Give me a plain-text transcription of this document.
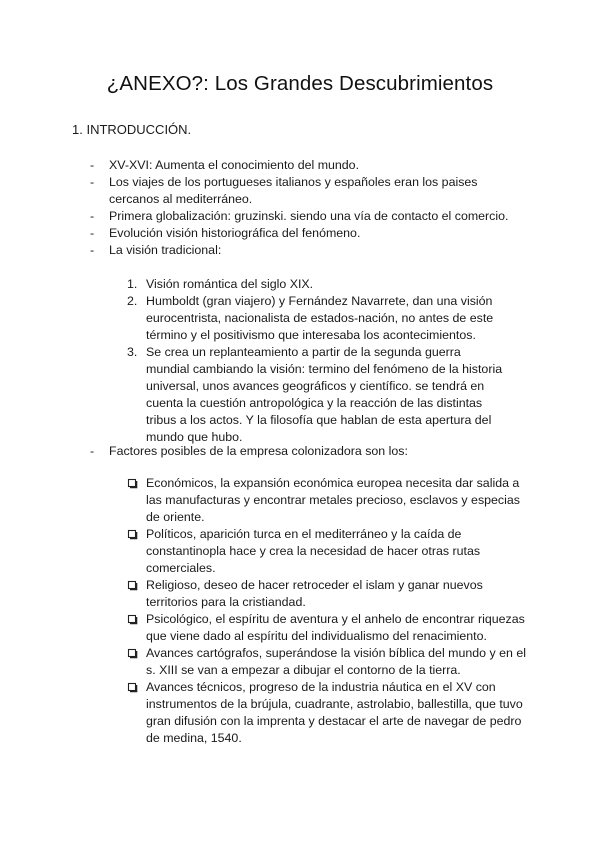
¿ANEXO?: Los Grandes Descubrimientos
1. INTRODUCCIÓN.
- XV-XVI: Aumenta el conocimiento del mundo.
- Los viajes de los portugueses italianos y españoles eran los paises cercanos al mediterráneo.
- Primera globalización: gruzinski. siendo una vía de contacto el comercio.
- Evolución visión historiográfica del fenómeno.
- La visión tradicional:
1. Visión romántica del siglo XIX.
2. Humboldt (gran viajero) y Fernández Navarrete, dan una visión eurocentrista, nacionalista de estados-nación, no antes de este término y el positivismo que interesaba los acontecimientos.
3. Se crea un replanteamiento a partir de la segunda guerra mundial cambiando la visión: termino del fenómeno de la historia universal, unos avances geográficos y científico. se tendrá en cuenta la cuestión antropológica y la reacción de las distintas tribus a los actos. Y la filosofía que hablan de esta apertura del mundo que hubo.
- Factores posibles de la empresa colonizadora son los:
Económicos, la expansión económica europea necesita dar salida a las manufacturas y encontrar metales precioso, esclavos y especias de oriente.
Políticos, aparición turca en el mediterráneo y la caída de constantinopla hace y crea la necesidad de hacer otras rutas comerciales.
Religioso, deseo de hacer retroceder el islam y ganar nuevos territorios para la cristiandad.
Psicológico, el espíritu de aventura y el anhelo de encontrar riquezas que viene dado al espíritu del individualismo del renacimiento.
Avances cartógrafos, superándose la visión bíblica del mundo y en el s. XIII se van a empezar a dibujar el contorno de la tierra.
Avances técnicos, progreso de la industria náutica en el XV con instrumentos de la brújula, cuadrante, astrolabio, ballestilla, que tuvo gran difusión con la imprenta y destacar el arte de navegar de pedro de medina, 1540.
